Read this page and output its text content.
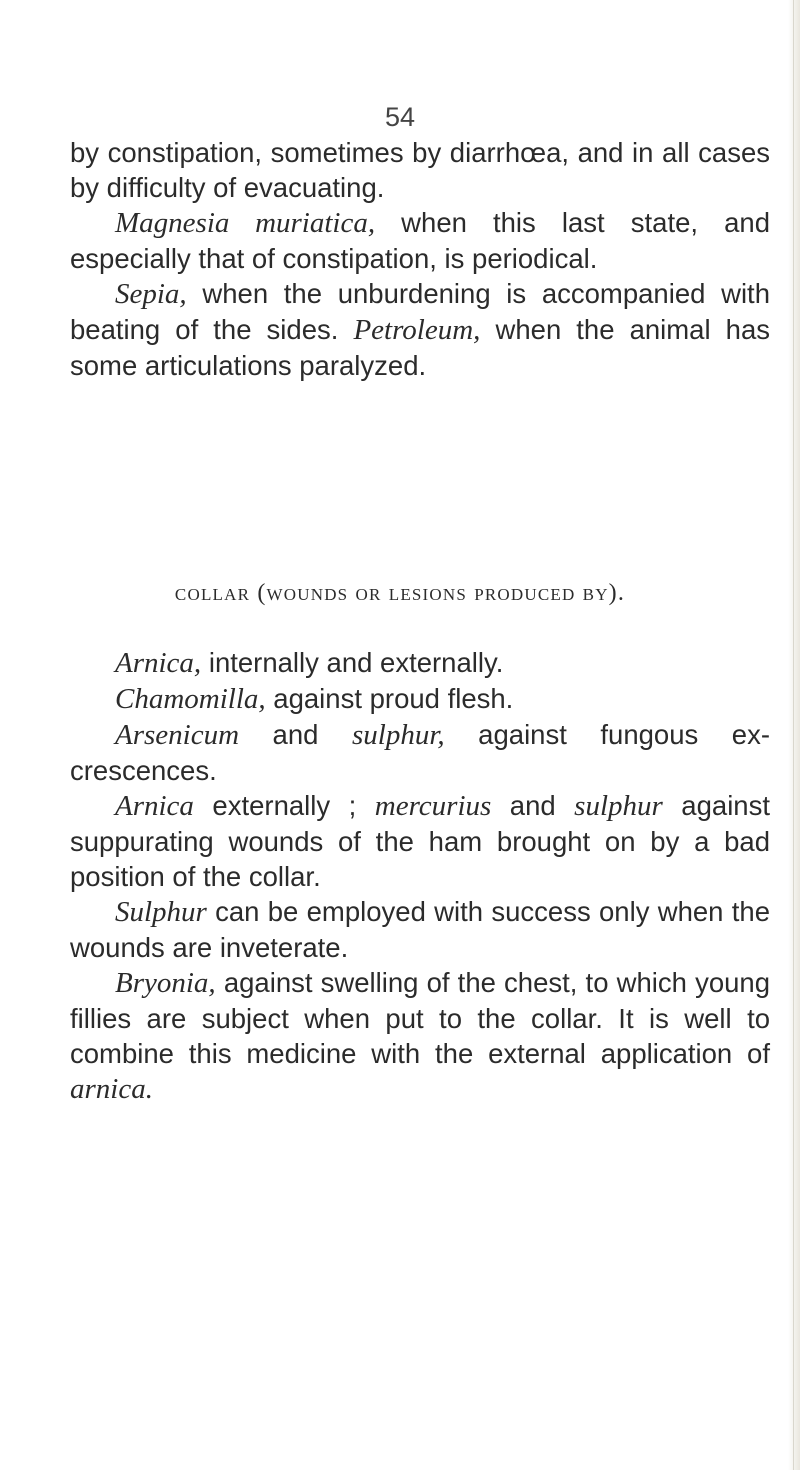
54

by constipation, sometimes by diarrhœa, and in all cases by difficulty of evacuating.

Magnesia muriatica, when this last state, and especially that of constipation, is periodical.

Sepia, when the unburdening is accompanied with beating of the sides. Petroleum, when the animal has some articulations paralyzed.

collar (wounds or lesions produced by).

Arnica, internally and externally.

Chamomilla, against proud flesh.

Arsenicum and sulphur, against fungous ex-crescences.

Arnica externally ; mercurius and sulphur against suppurating wounds of the ham brought on by a bad position of the collar.

Sulphur can be employed with success only when the wounds are inveterate.

Bryonia, against swelling of the chest, to which young fillies are subject when put to the collar. It is well to combine this medicine with the external application of arnica.
